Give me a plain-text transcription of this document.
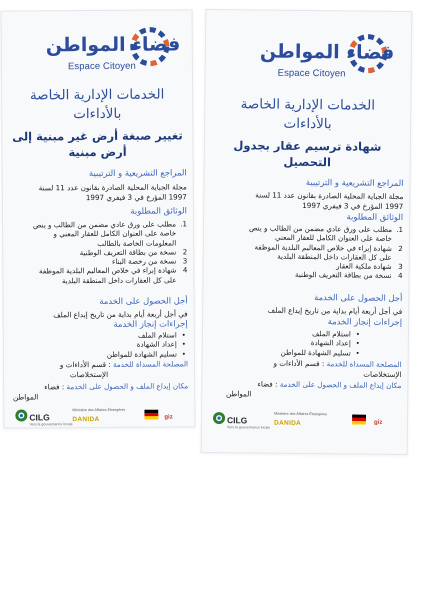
فضاء المواطن
Espace Citoyen
الخدمات الإدارية الخاصة
بالأداءات
تغيير صبغة أرض غير مبنية إلى
أرض مبنية
المراجع التشريعية و الترتيبية
مجلة الجباية المحلية الصادرة بقانون عدد 11 لسنة
1997 المؤرخ في 3 فيفري 1997
الوثائق المطلوبة
1.
مطلب على ورق عادي مضمن من الطالب و ينص
خاصة على العنوان الكامل للعقار المعني و
المعلومات الخاصة بالطالب
2
نسخة من بطاقة التعريف الوطنية
3
نسخة من رخصة البناء
4
شهادة إبراء في خلاص المعاليم البلدية الموظفة
على كل العقارات داخل المنطقة البلدية
أجل الحصول على الخدمة
في أجل أربعة أيام بداية من تاريخ إيداع الملف
إجراءات إنجاز الخدمة
•
استلام الملف
•
إعداد الشهادة
•
تسليم الشهادة للمواطن
المصلحة المسداة للخدمة : قسم الأداءات و
الإستخلاصات
مكان إيداع الملف و الحصول على الخدمة : فضاء
المواطن
CILG
Vers la gouvernance locale
Ministère des Affaires Étrangères
DANIDA	giz
فضاء المواطن
Espace Citoyen
الخدمات الإدارية الخاصة
بالأداءات
شهادة ترسيم عقار بجدول
التحصيل
المراجع التشريعية و الترتيبية
مجلة الجباية المحلية الصادرة بقانون عدد 11 لسنة
1997 المؤرخ في 3 فيفري 1997
الوثائق المطلوبة
1.
مطلب على ورق عادي مضمن من الطالب و ينص
خاصة على العنوان الكامل للعقار المعني
2
شهادة إبراء في خلاص المعاليم البلدية الموظفة
على كل العقارات داخل المنطقة البلدية
3
شهادة ملكية العقار
4
نسخة من بطاقة التعريف الوطنية
أجل الحصول على الخدمة
في أجل أربعة أيام بداية من تاريخ إيداع الملف
إجراءات إنجاز الخدمة
•
استلام الملف
•
إعداد الشهادة
•
تسليم الشهادة للمواطن
المصلحة المسداة للخدمة : قسم الأداءات و
الإستخلاصات
مكان إيداع الملف و الحصول على الخدمة : فضاء
المواطن
CILG
Vers la gouvernance locale
Ministère des Affaires Étrangères
DANIDA	giz
